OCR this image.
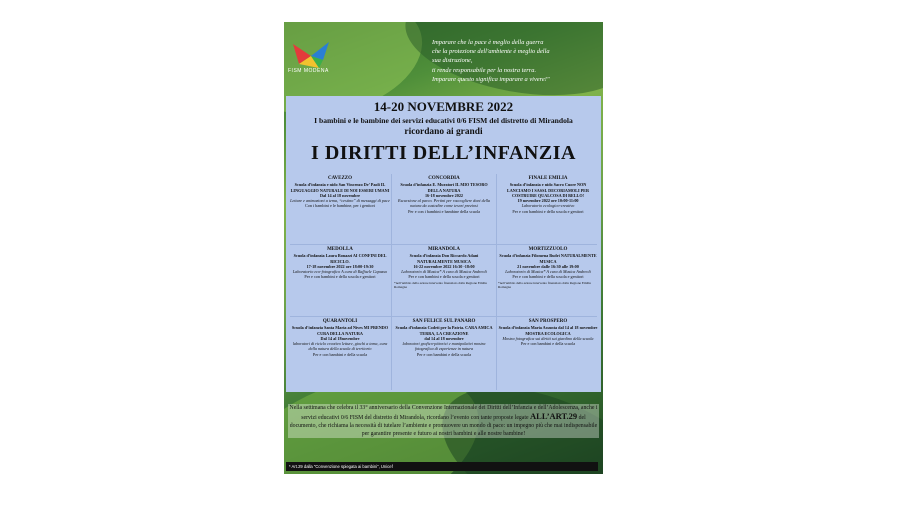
FISM MODENA
Imparare che la pace è meglio della guerra
che la protezione dell'ambiente è meglio della
sua distruzione,
ti rende responsabile per la nostra terra.
Imparare questo significa imparare a vivere!"
14-20 NOVEMBRE 2022
I bambini e le bambine dei servizi educativi 0/6 FISM del distretto di Mirandola
ricordano ai grandi
I DIRITTI DELL’INFANZIA
CAVEZZO
Scuola d’infanzia e nido San Vincenzo De’ Paoli IL LINGUAGGIO NATURALE DI NOI ESSERI UMANI
Dal 14 al 18 novembre
Letture e animazioni a tema, “cestino” di messaggi di pace
Con i bambini e le bambine, per i genitori
CONCORDIA
Scuola d’infanzia E. Muratori IL MIO TESORO DELLA NATURA
16-18 novembre 2022
Escursione al parco. Pertini per raccogliere doni della natura da custodire come tesori preziosi
Per e con i bambini e bambine della scuola
FINALE EMILIA
Scuola d’infanzia e nido Sacro Cuore NON LANCIAMO I SASSI. DECORIAMOLI PER COSTRUIRE QUALCOSA DI BELLO!
19 novembre 2022 ore 10:00-11:00
Laboratorio ecologico-creativo
Per e con bambini e della scuola e genitori
MEDOLLA
Scuola d’infanzia Laura Bonazzi AI CONFINI DEL RICICLO.
17-18 novembre 2022 ore 18:00-19:30
Laboratorio eco-fotografico A cura di Raffaele Capasso
Per e con bambini e della scuola e genitori
MIRANDOLA
Scuola d’infanzia Don Riccardo Adani NATURALMENTE MUSICA
16-22 novembre 2022 16:30 -18:00
Laboratorio di Musica* A cura di Musica Andreoli
Per e con bambini e della scuola e genitori
*nell’ambito della azione intervento finanziato dalla Regione Emilia Romagna
MORTIZZUOLO
Scuola d’infanzia Filomena Budri NATURALMENTE MUSICA
21 novembre dalle 16:30 alle 19:00
Laboratorio di Musica* A cura di Musica Andreoli
Per e con bambini e della scuola e genitori
*nell’ambito della azione intervento finanziato dalla Regione Emilia Romagna
QUARANTOLI
Scuola d’infanzia Santa Maria ad Nives MI PRENDO CURA DELLA NATURA
Dal 14 al 18novembre
laboratori di riciclo creativo letture, giochi a tema, cura della natura della scuola di territorio
Per e con bambini e della scuola
SAN FELICE SUL PANARO
Scuola d’infanzia Codeti per la Patria. CARA AMICA TERRA, LA CREAZIONE
dal 14 al 18 novembre
laboratori grafico-pittorici e manipolativi mostra fotografica di esperienze in natura
Per e con bambini e della scuola
SAN PROSPERO
Scuola d’infanzia Maria Assunta dal 14 al 18 novembre MOSTRA ECOLOGICA
Mostra fotografica sui diritti sui giardino della scuola
Per e con bambini e della scuola
Nella settimana che celebra il 33° anniversario della Convenzione Internazionale dei Diritti dell’Infanzia e dell’Adolescenza, anche i servizi educativi 0/6 FISM del distretto di Mirandola, ricordano l’evento con tante proposte legate ALL’ART.29 del documento, che richiama la necessità di tutelare l’ambiente e promuovere un mondo di pace: un impegno più che mai indispensabile per garantire presente e futuro ai nostri bambini e alle nostre bambine!
* Art.29 dalla "Convenzione spiegata ai bambini", Unicef
